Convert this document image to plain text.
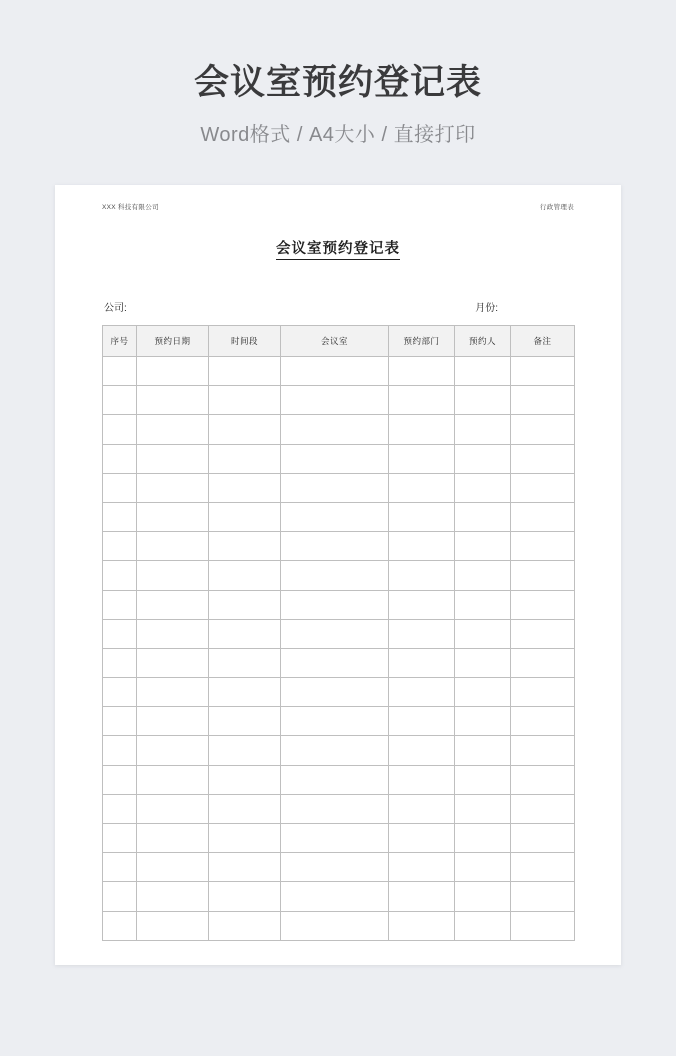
会议室预约登记表
Word格式 / A4大小 / 直接打印
XXX 科技有限公司	行政管理表
会议室预约登记表
公司:	月份:
序号	预约日期	时间段	会议室	预约部门	预约人	备注
